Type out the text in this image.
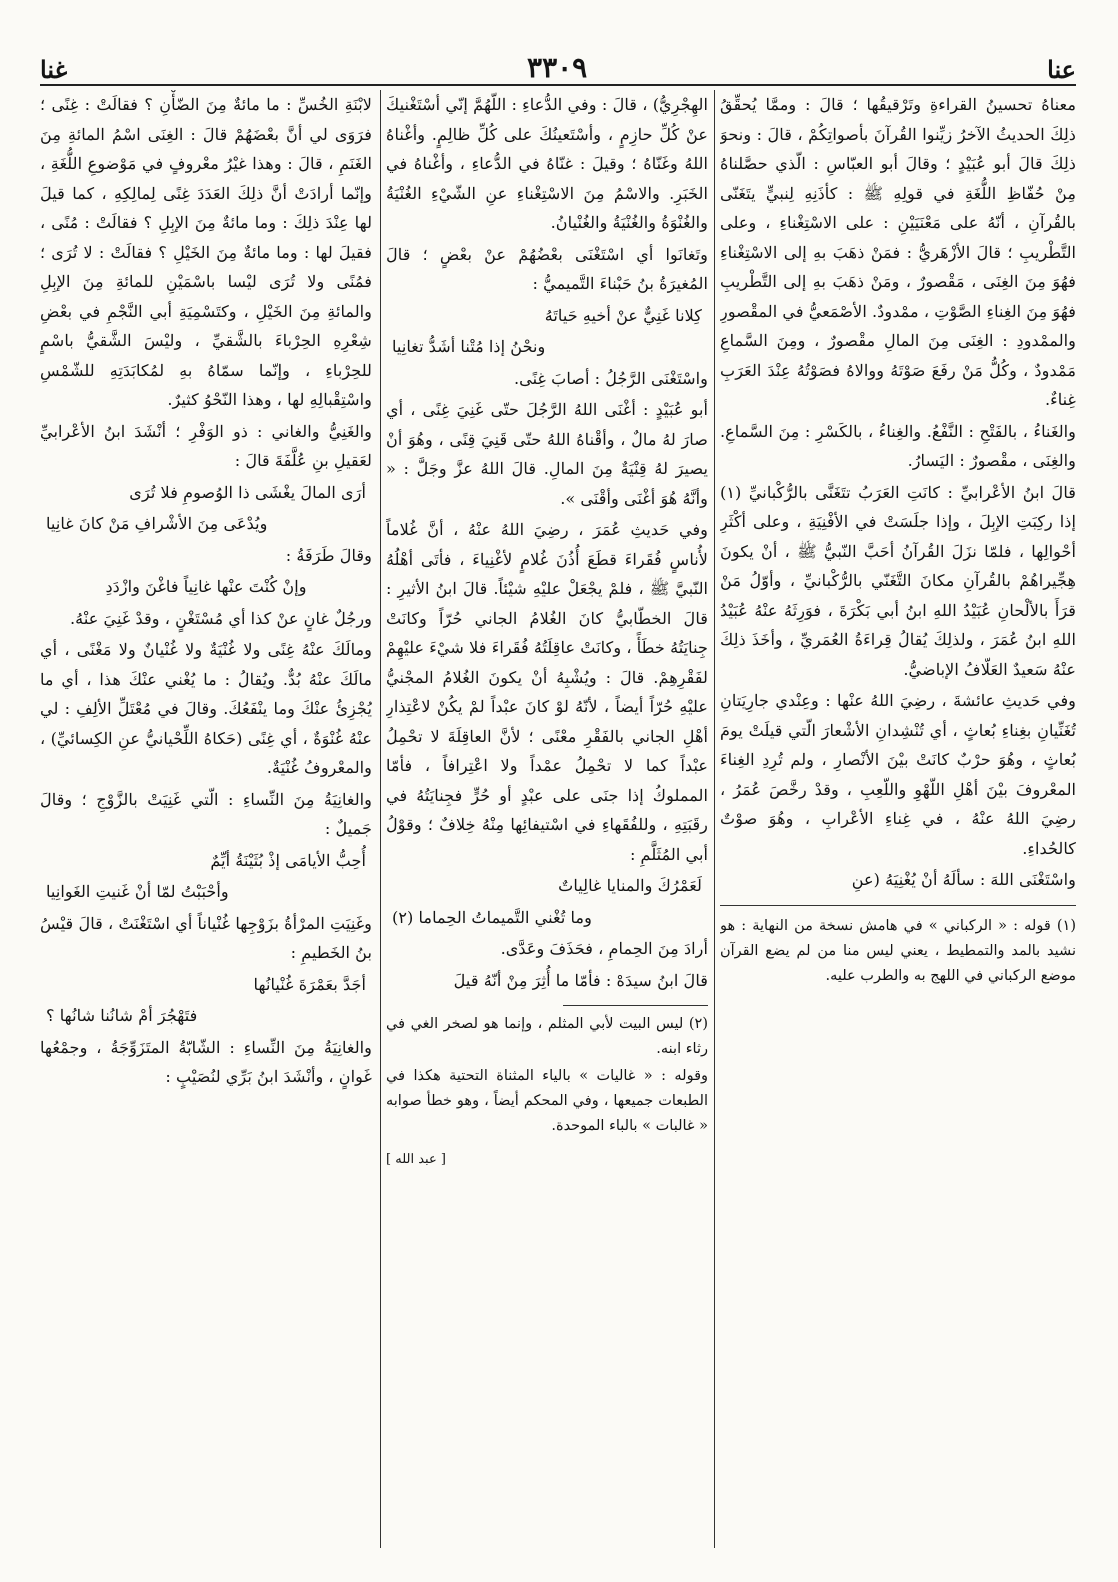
عنا
٣٣٠٩
غنا

معناهُ تحسينُ القراءةِ وتَرْقيقُها ؛ قالَ : وممَّا يُحقِّقُ ذلِكَ الحديثُ الآخرُ زيِّنوا القُرآنَ بأصواتِكُمْ ، قالَ : ونحوَ ذلِكَ قالَ أبو عُبَيْدٍ ؛ وقالَ أبو العبّاسِ : الّذي حصَّلناهُ مِنْ حُفّاظِ اللُّغَةِ في قولِهِ ﷺ : كأذَنِهِ لِنبيٍّ يتَغَنّى بالقُرآنِ ، أنّهُ على مَعْنَيَيْنِ : على الاسْتِغْناءِ ، وعلى التَّطْريبِ ؛ قالَ الأزْهَريُّ : فمَنْ ذهَبَ بهِ إلى الاسْتِغْناءِ فهُوَ مِنَ الغِنَى ، مَقْصورٌ ، ومَنْ ذهَبَ بهِ إلى التَّطْريبِ فهُوَ مِنَ الغِناءِ الصَّوْتِ ، ممْدودٌ. الأصْمَعيُّ في المقْصورِ والممْدودِ : الغِنَى مِنَ المالِ مقْصورٌ ، ومِنَ السَّماعِ مَمْدودٌ ، وكُلُّ مَنْ رفَعَ صَوْتَهُ ووالاهُ فصَوْتُهُ عِنْدَ العَرَبِ غِناءٌ.

والغَناءُ ، بالفَتْحِ : النَّفْعُ. والغِناءُ ، بالكَسْرِ : مِنَ السَّماعِ. والغِنَى ، مقْصورٌ : اليَسارُ.

قالَ ابنُ الأعْرابيِّ : كانَتِ العَرَبُ تتَغَنَّى بالرُّكْبانيِّ (١) إذا ركِبَتِ الإبِلَ ، وإذا جلَسَتْ في الأفْنِيَةِ ، وعلى أكْثَرِ أحْوالِها ، فلمّا نزَلَ القُرآنُ أحَبَّ النّبيُّ ﷺ ، أنْ يكونَ هِجِّيراهُمْ بالقُرآنِ مكانَ التَّغَنّي بالرُّكْبانيِّ ، وأوّلُ مَنْ قرَأَ بالألْحانِ عُبَيْدُ اللهِ ابنُ أبي بَكْرَةَ ، فوَرِثَهُ عنْهُ عُبَيْدُ اللهِ ابنُ عُمَرَ ، ولذلِكَ يُقالُ قِراءَةُ العُمَريِّ ، وأخَذَ ذلِكَ عنْهُ سَعيدٌ العَلّافُ الإباضيُّ.

وفي حَديثِ عائشةَ ، رضِيَ اللهُ عنْها : وعِنْدي جارِيَتانِ تُغَنِّيانِ بغِناءِ بُعاثٍ ، أي تُنْشِدانِ الأشْعارَ الّتي قيلَتْ يومَ بُعاثٍ ، وهُوَ حرْبٌ كانَتْ بيْنَ الأنْصارِ ، ولم تُرِدِ الغِناءَ المعْروفَ بيْنَ أهْلِ اللّهْوِ واللّعِبِ ، وقدْ رخَّصَ عُمَرُ ، رضِيَ اللهُ عنْهُ ، في غِناءِ الأعْرابِ ، وهُوَ صوْتٌ كالحُداءِ.

واسْتَغْنَى اللهَ : سألَهُ أنْ يُغْنِيَهُ (عنِ

(١) قوله : « الركباني » في هامش نسخة من النهاية : هو نشيد بالمد والتمطيط ، يعني ليس منا من لم يضع القرآن موضع الركباني في اللهج به والطرب عليه.

الهِجْرِيُّ) ، قالَ : وفي الدُّعاءِ : اللّهُمَّ إنّي أسْتَغْنيكَ عنْ كُلِّ حازِمٍ ، وأسْتَعينُكَ على كُلِّ ظالِمٍ. وأغْناهُ اللهُ وغَنّاهُ ؛ وقيلَ : غنّاهُ في الدُّعاءِ ، وأغْناهُ في الخَبَرِ. والاسْمُ مِنَ الاسْتِغْناءِ عنِ الشّيْءِ الغُنْيَةُ والغُنْوَةُ والغُنْيَةُ والغُنْيانُ.

وتَغانَوا أي اسْتَغْنَى بعْضُهُمْ عنْ بعْضٍ ؛ قالَ المُغيرَةُ بنُ حَبْناءَ التَّميميُّ :

كِلانا غَنِيٌّ عنْ أخيهِ حَياتَهُ
ونحْنُ إذا مُتْنا أشَدُّ تغانِيا

واسْتَغْنَى الرَّجُلُ : أصابَ غِنًى.

أبو عُبَيْدٍ : أغْنَى اللهُ الرَّجُلَ حتّى غَنِيَ غِنًى ، أي صارَ لهُ مالٌ ، وأقْناهُ اللهُ حتّى قَنِيَ قِنًى ، وهُوَ أنْ يصيرَ لهُ قِنْيَةٌ مِنَ المالِ. قالَ اللهُ عزَّ وجَلَّ : « وأنَّهُ هُوَ أغْنَى وأقْنَى ».

وفي حَديثِ عُمَرَ ، رضِيَ اللهُ عنْهُ ، أنَّ غُلاماً لأُناسٍ فُقَراءَ قطَعَ أُذُنَ غُلامٍ لأغْنِياءَ ، فأتَى أهْلُهُ النّبيَّ ﷺ ، فلمْ يجْعَلْ عليْهِ شيْئاً. قالَ ابنُ الأثيرِ : قالَ الخطّابيُّ كانَ الغُلامُ الجاني حُرّاً وكانَتْ جِنايَتُهُ خطَأً ، وكانَتْ عاقِلَتُهُ فُقَراءَ فلا شيْءَ عليْهِمْ لفَقْرِهِمْ. قالَ : ويُشْبِهُ أنْ يكونَ الغُلامُ المجْنيُّ عليْهِ حُرّاً أيضاً ، لأنّهُ لوْ كانَ عبْداً لمْ يكُنْ لاعْتِذارِ أهْلِ الجاني بالفَقْرِ معْنًى ؛ لأنَّ العاقِلَةَ لا تحْمِلُ عبْداً كما لا تحْمِلُ عمْداً ولا اعْتِرافاً ، فأمّا المملوكُ إذا جنَى على عبْدٍ أو حُرٍّ فجِنايَتُهُ في رقَبَتِهِ ، وللفُقَهاءِ في اسْتيفائِها مِنْهُ خِلافٌ ؛ وقوْلُ أبي المُثَلَّمِ :

لَعَمْرُكَ والمنايا غالِياتٌ
وما تُغْني التَّميماتُ الحِماما (٢)

أرادَ مِنَ الحِمامِ ، فحَذَفَ وعَدَّى.

قالَ ابنُ سيدَهْ : فأمّا ما أُثِرَ مِنْ أنّهُ قيلَ

(٢) ليس البيت لأبي المثلم ، وإنما هو لصخر الغي في رثاء ابنه.

وقوله : « غاليات » بالياء المثناة التحتية هكذا في الطبعات جميعها ، وفي المحكم أيضاً ، وهو خطأ صوابه « غالبات » بالباء الموحدة.

[ عبد الله ]

لابْنَةِ الخُسِّ : ما مائةٌ مِنَ الضّأْنِ ؟ فقالَتْ : غِنًى ؛ فرَوَى لي أنَّ بعْضَهُمْ قالَ : الغِنَى اسْمُ المائةِ مِنَ الغَنَمِ ، قالَ : وهذا غيْرُ معْروفٍ في مَوْضوعِ اللُّغَةِ ، وإنّما أرادَتْ أنَّ ذلِكَ العَدَدَ غِنًى لِمالِكِهِ ، كما قيلَ لها عِنْدَ ذلِكَ : وما مائةٌ مِنَ الإبِلِ ؟ فقالَتْ : مُنًى ، فقيلَ لها : وما مائةٌ مِنَ الخَيْلِ ؟ فقالَتْ : لا تُرَى ؛ فمُنًى ولا تُرَى ليْسا باسْمَيْنِ للمائةِ مِنَ الإبِلِ والمائةِ مِنَ الخَيْلِ ، وكتَسْمِيَةِ أبي النَّجْمِ في بعْضِ شِعْرِهِ الحِرْباءَ بالشَّقيِّ ، وليْسَ الشَّقيُّ باسْمٍ للحِرْباءِ ، وإنّما سمّاهُ بهِ لمُكابَدَتِهِ للشّمْسِ واسْتِقْبالِهِ لها ، وهذا النّحْوُ كثيرٌ.

والغَنِيُّ والغاني : ذو الوَفْرِ ؛ أنْشَدَ ابنُ الأعْرابيِّ لعَقيلِ بنِ عُلَّفَةَ قالَ :

أرَى المالَ يغْشَى ذا الوُصومِ فلا تُرَى
ويُدْعَى مِنَ الأشْرافِ مَنْ كانَ غانِيا

وقالَ طَرَفَةُ :

وإنْ كُنْتَ عنْها غانِياً فاغْنَ وازْدَدِ

ورجُلٌ غانٍ عنْ كذا أي مُسْتَغْنٍ ، وقدْ غَنِيَ عنْهُ.

ومالَكَ عنْهُ غِنًى ولا غُنْيَةٌ ولا غُنْيانٌ ولا مَغْنًى ، أي مالَكَ عنْهُ بُدٌّ. ويُقالُ : ما يُغْني عنْكَ هذا ، أي ما يُجْزِئُ عنْكَ وما ينْفَعُكَ. وقالَ في مُعْتَلِّ الألِفِ : لي عنْهُ غُنْوَةٌ ، أي غِنًى (حَكاهُ اللِّحْيانيُّ عنِ الكِسائيِّ) ، والمعْروفُ غُنْيَةٌ.

والغانِيَةُ مِنَ النِّساءِ : الّتي غَنِيَتْ بالزَّوْجِ ؛ وقالَ جَميلٌ :

أُحِبُّ الأيامَى إذْ بُثَيْنَةُ أيِّمٌ
وأحْبَبْتُ لمّا أنْ غَنيتِ الغَوانِيا

وغَنِيَتِ المرْأةُ بزَوْجِها غُنْياناً أي اسْتَغْنَتْ ، قالَ قيْسُ بنُ الخَطيمِ :

أجَدَّ بعَمْرَةَ غُنْيانُها
فتَهْجُرَ أمْ شانُنا شانُها ؟

والغانِيَةُ مِنَ النِّساءِ : الشّابّةُ المتَزَوِّجَةُ ، وجمْعُها غَوانٍ ، وأنْشَدَ ابنُ بَرِّي لنُصَيْبٍ :
